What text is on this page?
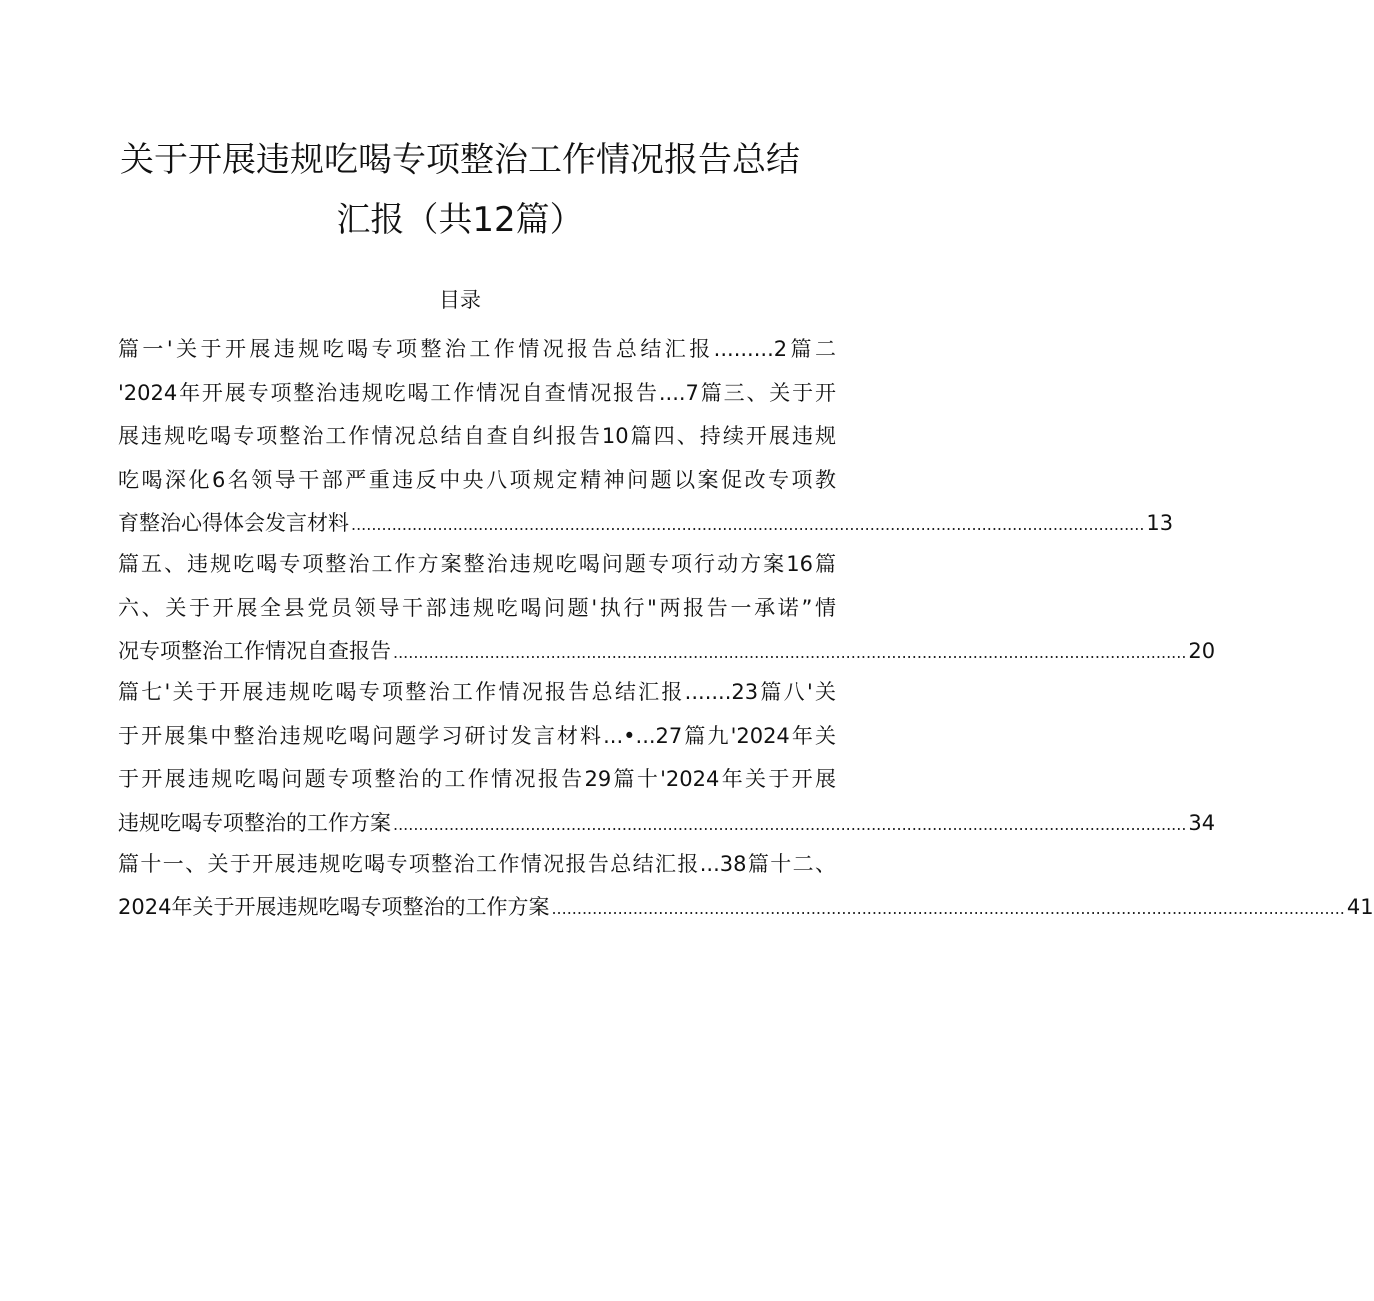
关于开展违规吃喝专项整治工作情况报告总结
汇报（共12篇）
目录
篇一'关于开展违规吃喝专项整治工作情况报告总结汇报.........2篇二
'2024年开展专项整治违规吃喝工作情况自查情况报告....7篇三、关于开
展违规吃喝专项整治工作情况总结自查自纠报告10篇四、持续开展违规
吃喝深化6名领导干部严重违反中央八项规定精神问题以案促改专项教
育整治心得体会发言材料 ............................................................................................................................................................ 13
篇五、违规吃喝专项整治工作方案整治违规吃喝问题专项行动方案16篇
六、关于开展全县党员领导干部违规吃喝问题'执行"两报告一承诺”情
况专项整治工作情况自查报告 ............................................................................................................................................................ 20
篇七'关于开展违规吃喝专项整治工作情况报告总结汇报.......23篇八'关
于开展集中整治违规吃喝问题学习研讨发言材料...•...27篇九'2024年关
于开展违规吃喝问题专项整治的工作情况报告29篇十'2024年关于开展
违规吃喝专项整治的工作方案 ............................................................................................................................................................ 34
篇十一、关于开展违规吃喝专项整治工作情况报告总结汇报...38篇十二、
2024年关于开展违规吃喝专项整治的工作方案 ............................................................................................................................................................ 41
